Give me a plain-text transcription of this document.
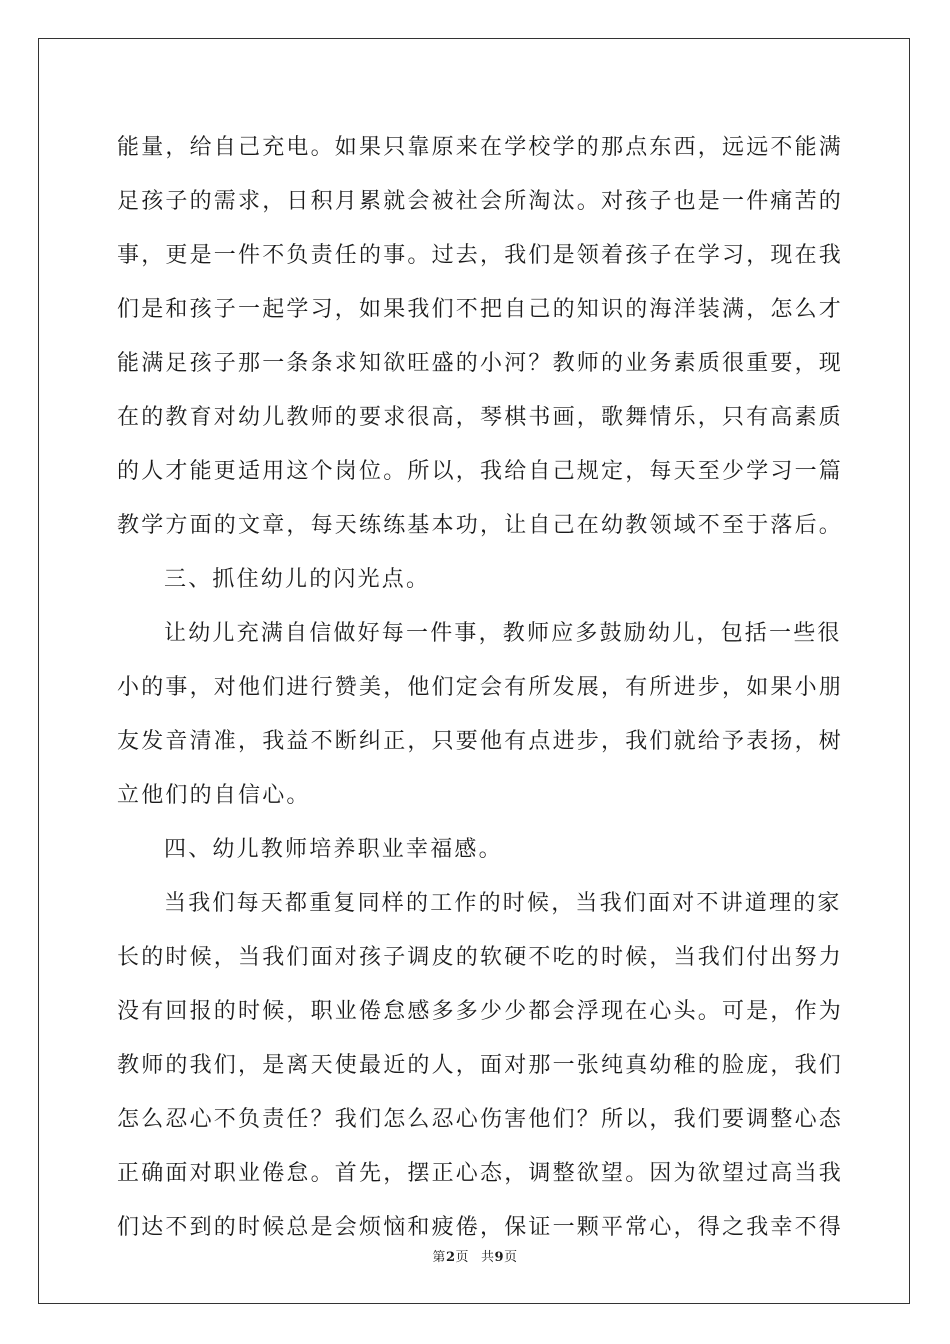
能量，给自己充电。如果只靠原来在学校学的那点东西，远远不能满
足孩子的需求，日积月累就会被社会所淘汰。对孩子也是一件痛苦的
事，更是一件不负责任的事。过去，我们是领着孩子在学习，现在我
们是和孩子一起学习，如果我们不把自己的知识的海洋装满，怎么才
能满足孩子那一条条求知欲旺盛的小河？教师的业务素质很重要，现
在的教育对幼儿教师的要求很高，琴棋书画，歌舞情乐，只有高素质
的人才能更适用这个岗位。所以，我给自己规定，每天至少学习一篇
教学方面的文章，每天练练基本功，让自己在幼教领域不至于落后。
三、抓住幼儿的闪光点。
让幼儿充满自信做好每一件事，教师应多鼓励幼儿，包括一些很
小的事，对他们进行赞美，他们定会有所发展，有所进步，如果小朋
友发音清准，我益不断纠正，只要他有点进步，我们就给予表扬，树
立他们的自信心。
四、幼儿教师培养职业幸福感。
当我们每天都重复同样的工作的时候，当我们面对不讲道理的家
长的时候，当我们面对孩子调皮的软硬不吃的时候，当我们付出努力
没有回报的时候，职业倦怠感多多少少都会浮现在心头。可是，作为
教师的我们，是离天使最近的人，面对那一张纯真幼稚的脸庞，我们
怎么忍心不负责任？我们怎么忍心伤害他们？所以，我们要调整心态
正确面对职业倦怠。首先，摆正心态，调整欲望。因为欲望过高当我
们达不到的时候总是会烦恼和疲倦，保证一颗平常心，得之我幸不得
第2页 共9页
